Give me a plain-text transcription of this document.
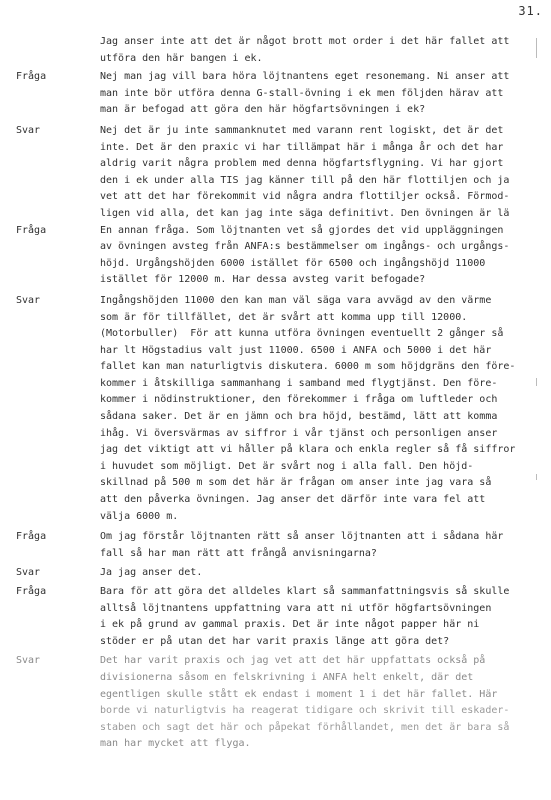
31.
Jag anser inte att det är något brott mot order i det här fallet att
utföra den här bangen i ek.
Fråga	Nej man jag vill bara höra löjtnantens eget resonemang. Ni anser att
man inte bör utföra denna G-stall-övning i ek men följden härav att
man är befogad att göra den här högfartsövningen i ek?
Svar	Nej det är ju inte sammanknutet med varann rent logiskt, det är det
inte. Det är den praxic vi har tillämpat här i många år och det har
aldrig varit några problem med denna högfartsflygning. Vi har gjort
den i ek under alla TIS jag känner till på den här flottiljen och ja
vet att det har förekommit vid några andra flottiljer också. Förmod-
ligen vid alla, det kan jag inte säga definitivt. Den övningen är lä
Fråga	En annan fråga. Som löjtnanten vet så gjordes det vid uppläggningen
av övningen avsteg från ANFA:s bestämmelser om ingångs- och urgångs-
höjd. Urgångshöjden 6000 istället för 6500 och ingångshöjd 11000
istället för 12000 m. Har dessa avsteg varit befogade?
Svar	Ingångshöjden 11000 den kan man väl säga vara avvägd av den värme
som är för tillfället, det är svårt att komma upp till 12000.
(Motorbuller)  För att kunna utföra övningen eventuellt 2 gånger så
har lt Högstadius valt just 11000. 6500 i ANFA och 5000 i det här
fallet kan man naturligtvis diskutera. 6000 m som höjdgräns den före-
kommer i åtskilliga sammanhang i samband med flygtjänst. Den före-
kommer i nödinstruktioner, den förekommer i fråga om luftleder och
sådana saker. Det är en jämn och bra höjd, bestämd, lätt att komma
ihåg. Vi översvärmas av siffror i vår tjänst och personligen anser
jag det viktigt att vi håller på klara och enkla regler så få siffror
i huvudet som möjligt. Det är svårt nog i alla fall. Den höjd-
skillnad på 500 m som det här är frågan om anser inte jag vara så
att den påverka övningen. Jag anser det därför inte vara fel att
välja 6000 m.
Fråga	Om jag förstår löjtnanten rätt så anser löjtnanten att i sådana här
fall så har man rätt att frångå anvisningarna?
Svar	Ja jag anser det.
Fråga	Bara för att göra det alldeles klart så sammanfattningsvis så skulle
alltså löjtnantens uppfattning vara att ni utför högfartsövningen
i ek på grund av gammal praxis. Det är inte något papper här ni
stöder er på utan det har varit praxis länge att göra det?
Svar	Det har varit praxis och jag vet att det här uppfattats också på
divisionerna såsom en felskrivning i ANFA helt enkelt, där det
egentligen skulle stått ek endast i moment 1 i det här fallet. Här
borde vi naturligtvis ha reagerat tidigare och skrivit till eskader-
staben och sagt det här och påpekat förhållandet, men det är bara så
man har mycket att flyga.
